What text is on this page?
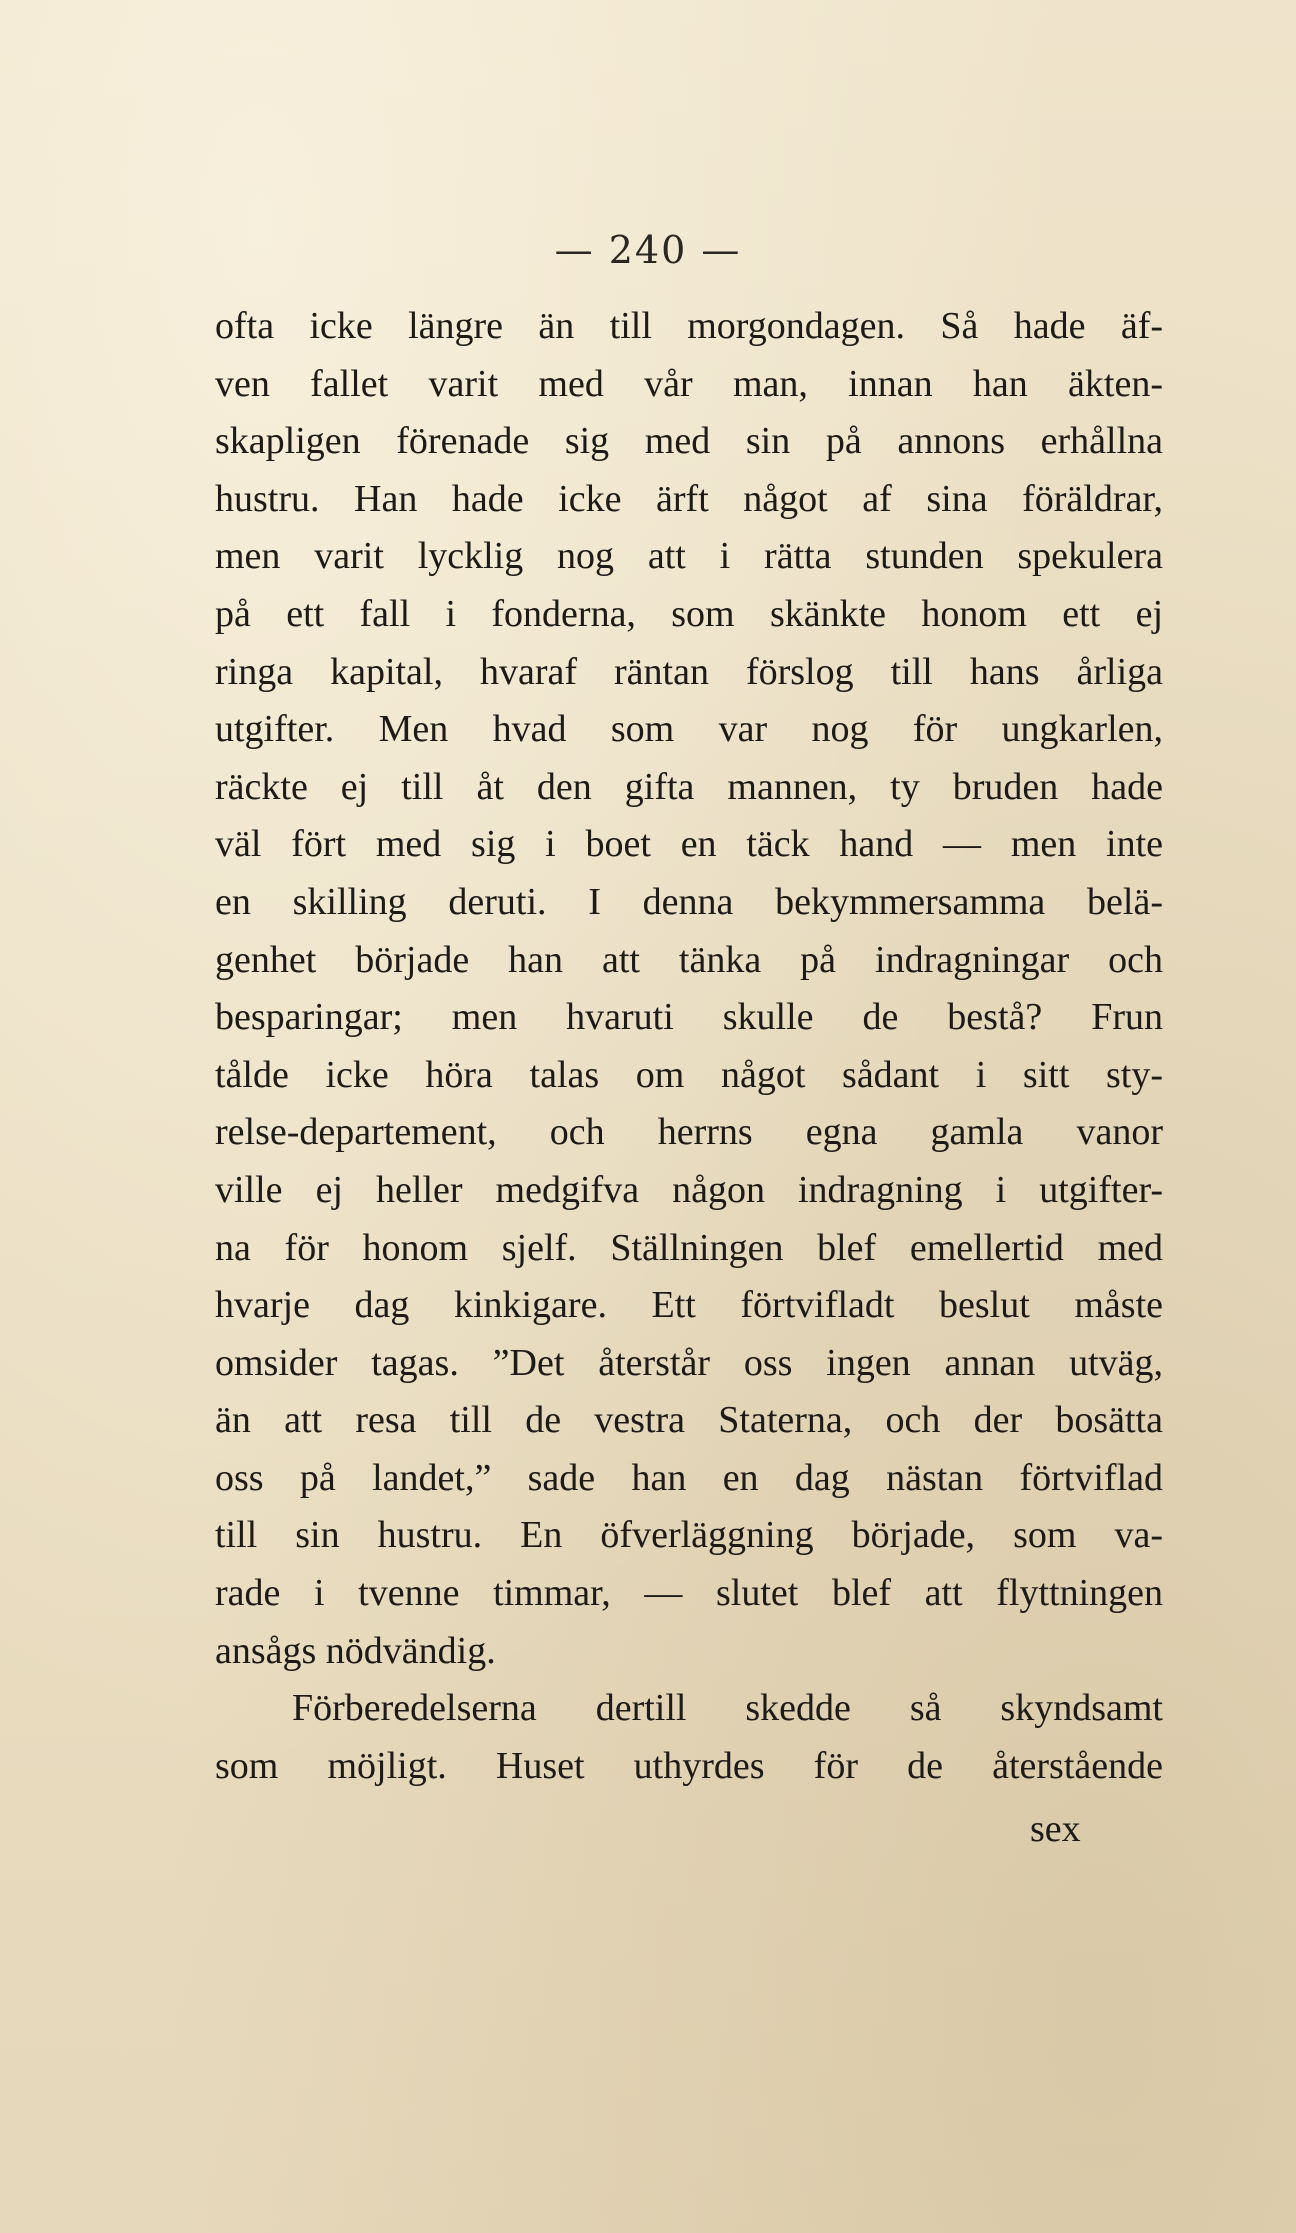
— 240 —
ofta icke längre än till morgondagen. Så hade äf-
ven fallet varit med vår man, innan han äkten-
skapligen förenade sig med sin på annons erhållna
hustru. Han hade icke ärft något af sina föräldrar,
men varit lycklig nog att i rätta stunden spekulera
på ett fall i fonderna, som skänkte honom ett ej
ringa kapital, hvaraf räntan förslog till hans årliga
utgifter. Men hvad som var nog för ungkarlen,
räckte ej till åt den gifta mannen, ty bruden hade
väl fört med sig i boet en täck hand — men inte
en skilling deruti. I denna bekymmersamma belä-
genhet började han att tänka på indragningar och
besparingar; men hvaruti skulle de bestå? Frun
tålde icke höra talas om något sådant i sitt sty-
relse-departement, och herrns egna gamla vanor
ville ej heller medgifva någon indragning i utgifter-
na för honom sjelf. Ställningen blef emellertid med
hvarje dag kinkigare. Ett förtvifladt beslut måste
omsider tagas. ”Det återstår oss ingen annan utväg,
än att resa till de vestra Staterna, och der bosätta
oss på landet,” sade han en dag nästan förtviflad
till sin hustru. En öfverläggning började, som va-
rade i tvenne timmar, — slutet blef att flyttningen
ansågs nödvändig.
Förberedelserna dertill skedde så skyndsamt
som möjligt. Huset uthyrdes för de återstående
sex
